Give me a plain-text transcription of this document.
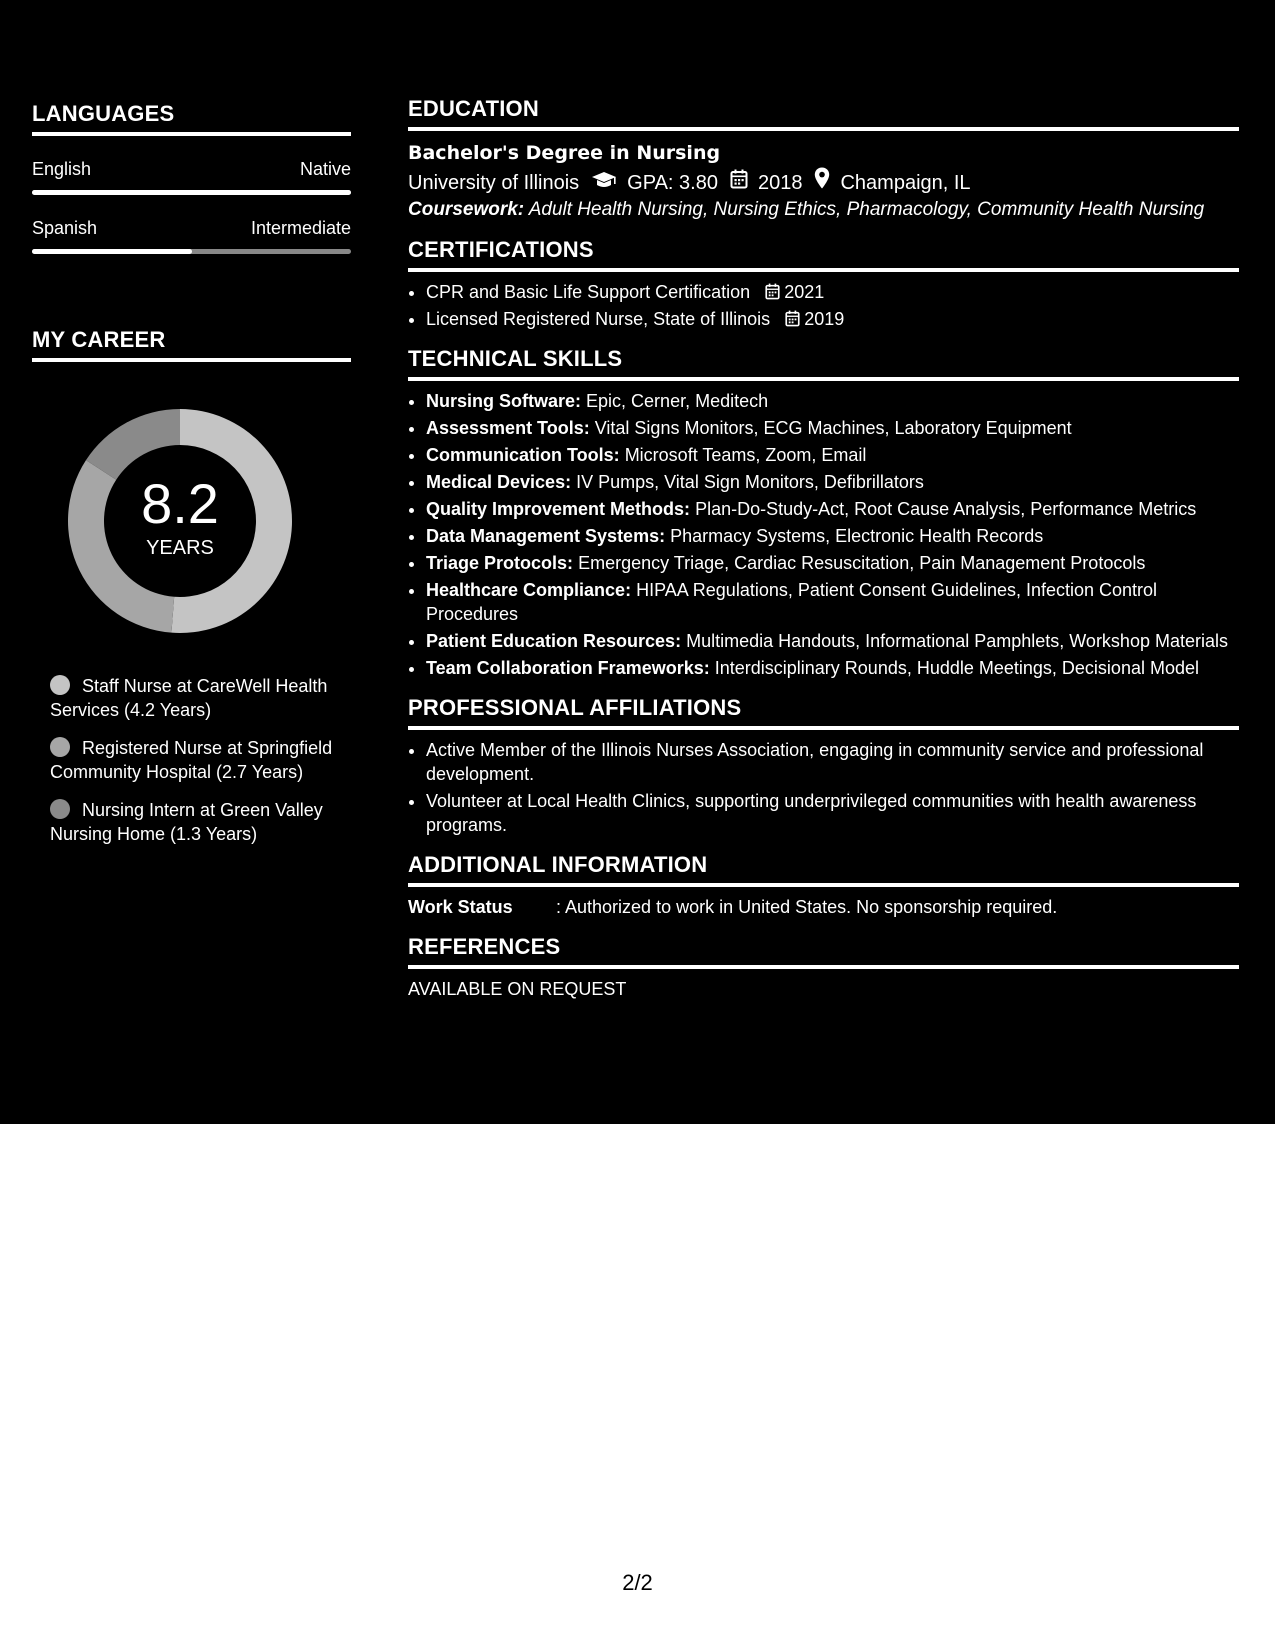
LANGUAGES
English	Native
Spanish	Intermediate
MY CAREER
8.2
YEARS
Staff Nurse at CareWell Health Services (4.2 Years)
Registered Nurse at Springfield Community Hospital (2.7 Years)
Nursing Intern at Green Valley Nursing Home (1.3 Years)
EDUCATION
Bachelor's Degree in Nursing
University of Illinois GPA: 3.80 2018 Champaign, IL
Coursework: Adult Health Nursing, Nursing Ethics, Pharmacology, Community Health Nursing
CERTIFICATIONS
• CPR and Basic Life Support Certification 2021
• Licensed Registered Nurse, State of Illinois 2019
TECHNICAL SKILLS
• Nursing Software: Epic, Cerner, Meditech
• Assessment Tools: Vital Signs Monitors, ECG Machines, Laboratory Equipment
• Communication Tools: Microsoft Teams, Zoom, Email
• Medical Devices: IV Pumps, Vital Sign Monitors, Defibrillators
• Quality Improvement Methods: Plan-Do-Study-Act, Root Cause Analysis, Performance Metrics
• Data Management Systems: Pharmacy Systems, Electronic Health Records
• Triage Protocols: Emergency Triage, Cardiac Resuscitation, Pain Management Protocols
• Healthcare Compliance: HIPAA Regulations, Patient Consent Guidelines, Infection Control Procedures
• Patient Education Resources: Multimedia Handouts, Informational Pamphlets, Workshop Materials
• Team Collaboration Frameworks: Interdisciplinary Rounds, Huddle Meetings, Decisional Model
PROFESSIONAL AFFILIATIONS
• Active Member of the Illinois Nurses Association, engaging in community service and professional development.
• Volunteer at Local Health Clinics, supporting underprivileged communities with health awareness programs.
ADDITIONAL INFORMATION
Work Status	: Authorized to work in United States. No sponsorship required.
REFERENCES
AVAILABLE ON REQUEST
2/2
